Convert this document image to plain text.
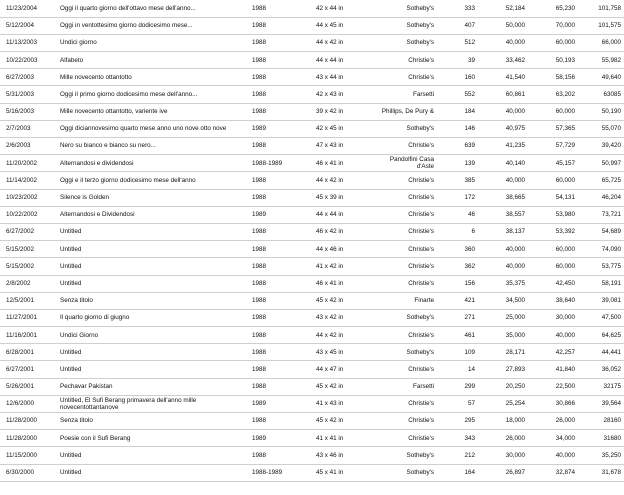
11/23/2004	Oggi il quarto giorno dell'ottavo mese dell'anno...	1988	42 x 44 in	Sotheby's	333	52,184	65,230	101,758
5/12/2004	Oggi in ventottesimo giorno dodicesimo mese...	1988	44 x 45 in	Sotheby's	407	50,000	70,000	101,575
11/13/2003	Undici giorno	1988	44 x 42 in	Sotheby's	512	40,000	60,000	66,000
10/22/2003	Alfabeto	1988	44 x 44 in	Christie's	39	33,462	50,193	55,982
6/27/2003	Mille novecento ottantotto	1988	43 x 44 in	Christie's	160	41,540	58,156	49,640
5/31/2003	Oggi il primo giorno dodicesimo mese dell'anno...	1988	42 x 43 in	Farsetti	552	60,861	63,202	63085
5/16/2003	Mille novecento ottantotto, variente ive	1988	39 x 42 in	Phillips, De Pury &	184	40,000	60,000	50,190
2/7/2003	Oggi diciannovesimo quarto mese anno uno nove otto nove	1989	42 x 45 in	Sotheby's	146	40,975	57,365	55,070
2/6/2003	Nero su bianco e bianco su nero...	1988	47 x 43 in	Christie's	639	41,235	57,729	39,420
11/20/2002	Alternandosi e dividendosi	1988-1989	46 x 41 in	Pandolfini Casa d'Aste	139	40,140	45,157	50,997
11/14/2002	Oggi e il terzo giorno dodicesimo mese dell'anno	1988	44 x 42 in	Christie's	385	40,000	60,000	65,725
10/23/2002	Silence is Golden	1988	45 x 39 in	Christie's	172	38,665	54,131	46,204
10/22/2002	Alternandosi e Dividendosi	1989	44 x 44 in	Christie's	46	38,557	53,980	73,721
6/27/2002	Untitled	1988	46 x 42 in	Christie's	6	38,137	53,392	54,689
5/15/2002	Untitled	1988	44 x 46 in	Christie's	360	40,000	60,000	74,090
5/15/2002	Untitled	1988	41 x 42 in	Christie's	362	40,000	60,000	53,775
2/8/2002	Untitled	1988	46 x 41 in	Christie's	156	35,375	42,450	58,191
12/5/2001	Senza titolo	1988	45 x 42 in	Finarte	421	34,500	38,640	39,081
11/27/2001	Il quarto giorno di giugno	1988	43 x 42 in	Sotheby's	271	25,000	30,000	47,500
11/16/2001	Undici Giorno	1988	44 x 42 in	Christie's	461	35,000	40,000	64,625
6/28/2001	Untitled	1988	43 x 45 in	Sotheby's	109	28,171	42,257	44,441
6/27/2001	Untitled	1988	44 x 47 in	Christie's	14	27,893	41,840	36,052
5/26/2001	Pechavar Pakistan	1988	45 x 42 in	Farsetti	299	20,250	22,500	32175
12/6/2000	Untitled, El Sufi Berang primavera dell'anno mille novecentottantanove	1989	41 x 43 in	Christie's	57	25,254	30,866	39,564
11/28/2000	Senza titolo	1988	45 x 42 in	Christie's	295	18,000	26,000	28160
11/28/2000	Poesie con il Sufi Berang	1989	41 x 41 in	Christie's	343	26,000	34,000	31680
11/15/2000	Untitled	1988	43 x 46 in	Sotheby's	212	30,000	40,000	35,250
6/30/2000	Untitled	1988-1989	45 x 41 in	Sotheby's	164	26,897	32,874	31,678
